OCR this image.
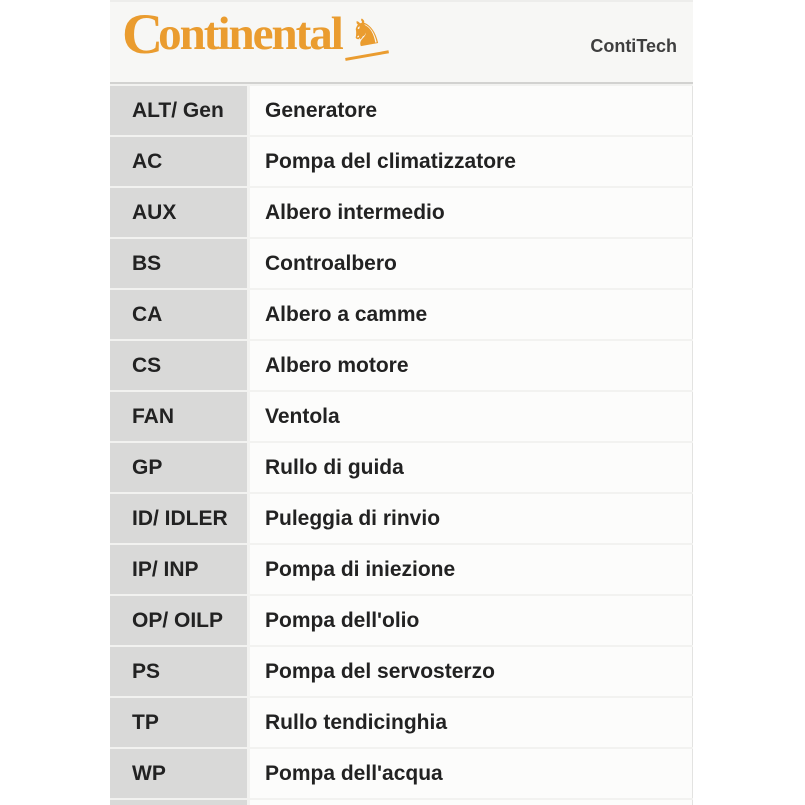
Continental♞	ContiTech
ALT/ Gen	Generatore
AC	Pompa del climatizzatore
AUX	Albero intermedio
BS	Controalbero
CA	Albero a camme
CS	Albero motore
FAN	Ventola
GP	Rullo di guida
ID/ IDLER	Puleggia di rinvio
IP/ INP	Pompa di iniezione
OP/ OILP	Pompa dell'olio
PS	Pompa del servosterzo
TP	Rullo tendicinghia
WP	Pompa dell'acqua
